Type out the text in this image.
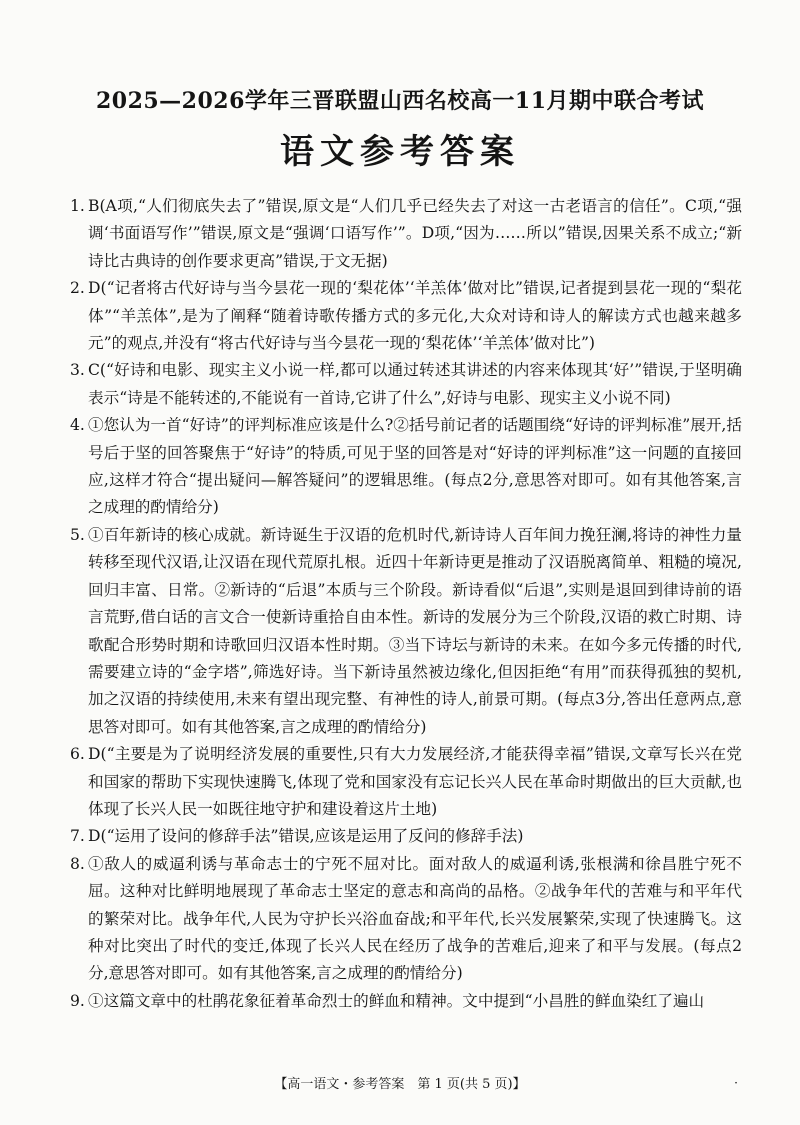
2025—2026学年三晋联盟山西名校高一11月期中联合考试
语文参考答案
1. B(A项,“人们彻底失去了”错误,原文是“人们几乎已经失去了对这一古老语言的信任”。C项,“强调‘书面语写作’”错误,原文是“强调‘口语写作’”。D项,“因为……所以”错误,因果关系不成立;“新诗比古典诗的创作要求更高”错误,于文无据)
2. D(“记者将古代好诗与当今昙花一现的‘梨花体’‘羊羔体’做对比”错误,记者提到昙花一现的“梨花体”“羊羔体”,是为了阐释“随着诗歌传播方式的多元化,大众对诗和诗人的解读方式也越来越多元”的观点,并没有“将古代好诗与当今昙花一现的‘梨花体’‘羊羔体’做对比”)
3. C(“好诗和电影、现实主义小说一样,都可以通过转述其讲述的内容来体现其‘好’”错误,于坚明确表示“诗是不能转述的,不能说有一首诗,它讲了什么”,好诗与电影、现实主义小说不同)
4. ①您认为一首“好诗”的评判标准应该是什么?②括号前记者的话题围绕“好诗的评判标准”展开,括号后于坚的回答聚焦于“好诗”的特质,可见于坚的回答是对“好诗的评判标准”这一问题的直接回应,这样才符合“提出疑问—解答疑问”的逻辑思维。(每点2分,意思答对即可。如有其他答案,言之成理的酌情给分)
5. ①百年新诗的核心成就。新诗诞生于汉语的危机时代,新诗诗人百年间力挽狂澜,将诗的神性力量转移至现代汉语,让汉语在现代荒原扎根。近四十年新诗更是推动了汉语脱离简单、粗糙的境况,回归丰富、日常。②新诗的“后退”本质与三个阶段。新诗看似“后退”,实则是退回到律诗前的语言荒野,借白话的言文合一使新诗重拾自由本性。新诗的发展分为三个阶段,汉语的救亡时期、诗歌配合形势时期和诗歌回归汉语本性时期。③当下诗坛与新诗的未来。在如今多元传播的时代,需要建立诗的“金字塔”,筛选好诗。当下新诗虽然被边缘化,但因拒绝“有用”而获得孤独的契机,加之汉语的持续使用,未来有望出现完整、有神性的诗人,前景可期。(每点3分,答出任意两点,意思答对即可。如有其他答案,言之成理的酌情给分)
6. D(“主要是为了说明经济发展的重要性,只有大力发展经济,才能获得幸福”错误,文章写长兴在党和国家的帮助下实现快速腾飞,体现了党和国家没有忘记长兴人民在革命时期做出的巨大贡献,也体现了长兴人民一如既往地守护和建设着这片土地)
7. D(“运用了设问的修辞手法”错误,应该是运用了反问的修辞手法)
8. ①敌人的威逼利诱与革命志士的宁死不屈对比。面对敌人的威逼利诱,张根满和徐昌胜宁死不屈。这种对比鲜明地展现了革命志士坚定的意志和高尚的品格。②战争年代的苦难与和平年代的繁荣对比。战争年代,人民为守护长兴浴血奋战;和平年代,长兴发展繁荣,实现了快速腾飞。这种对比突出了时代的变迁,体现了长兴人民在经历了战争的苦难后,迎来了和平与发展。(每点2分,意思答对即可。如有其他答案,言之成理的酌情给分)
9. ①这篇文章中的杜鹃花象征着革命烈士的鲜血和精神。文中提到“小昌胜的鲜血染红了遍山
【高一语文・参考答案　第 1 页(共 5 页)】	·
